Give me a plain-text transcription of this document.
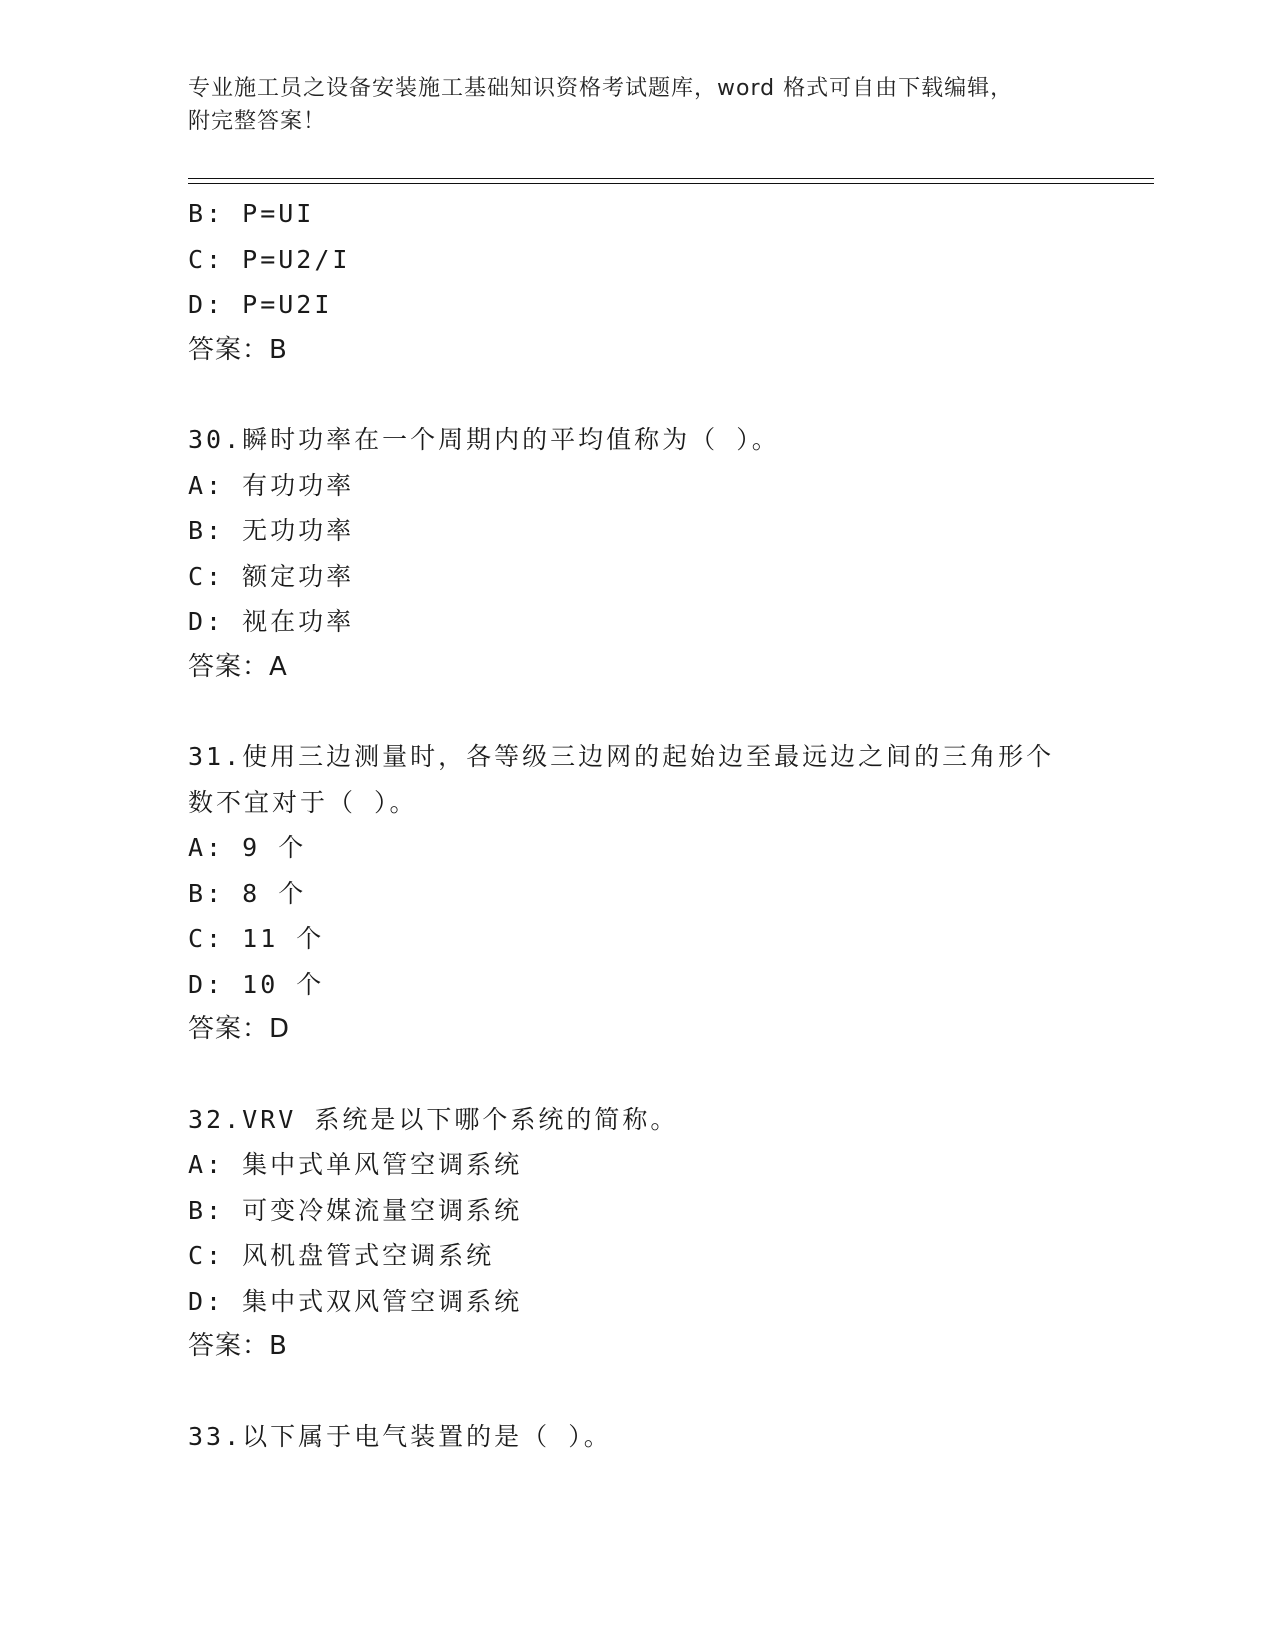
专业施工员之设备安装施工基础知识资格考试题库，word 格式可自由下载编辑，
附完整答案！
B: P=UI
C: P=U2/I
D: P=U2I
答案：B
30.瞬时功率在一个周期内的平均值称为（ ）。
A: 有功功率
B: 无功功率
C: 额定功率
D: 视在功率
答案：A
31.使用三边测量时，各等级三边网的起始边至最远边之间的三角形个
数不宜对于（ ）。
A: 9 个
B: 8 个
C: 11 个
D: 10 个
答案：D
32.VRV 系统是以下哪个系统的简称。
A: 集中式单风管空调系统
B: 可变冷媒流量空调系统
C: 风机盘管式空调系统
D: 集中式双风管空调系统
答案：B
33.以下属于电气装置的是（ ）。
